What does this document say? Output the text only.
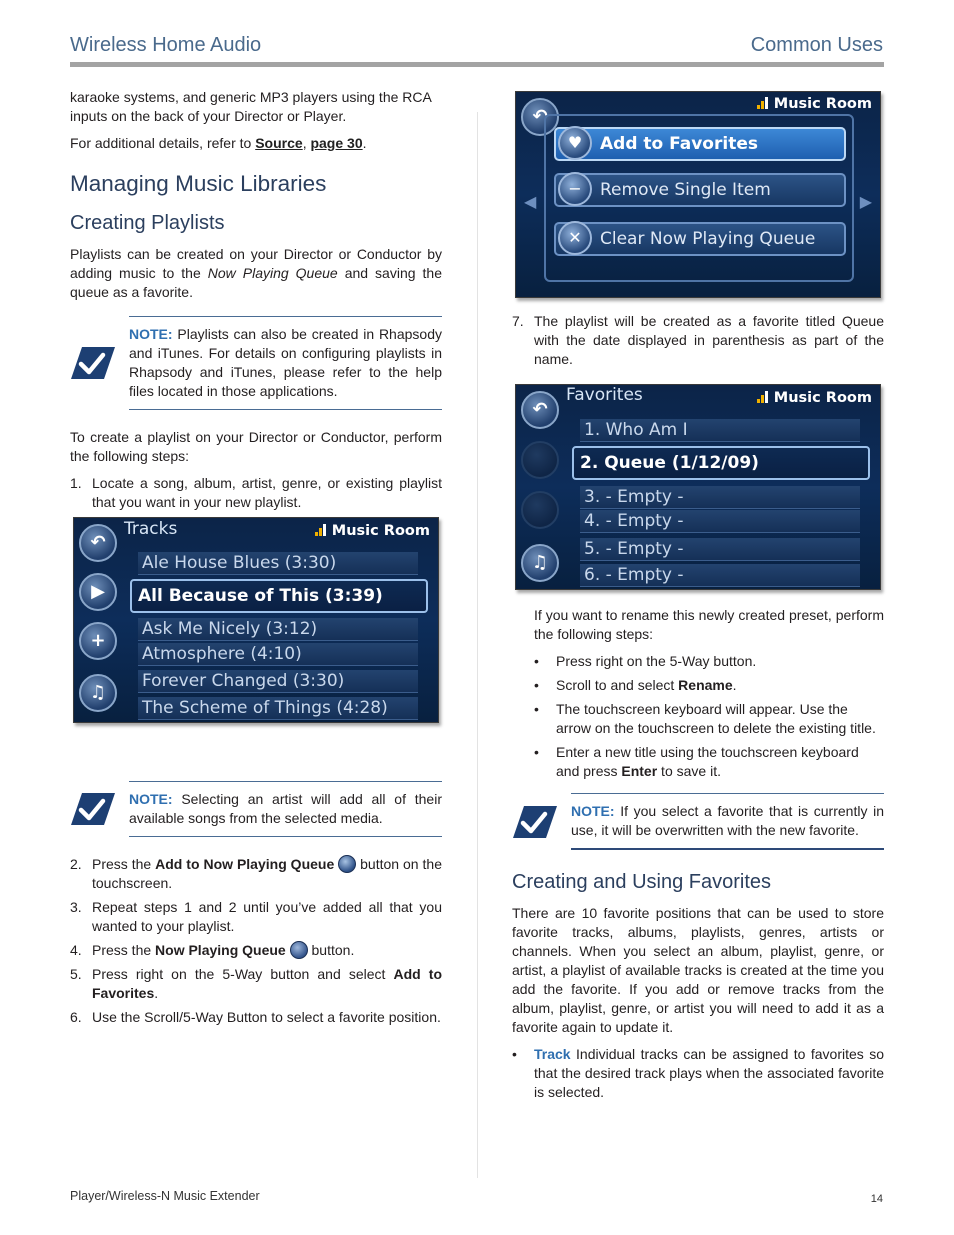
Wireless Home Audio	Common Uses

karaoke systems, and generic MP3 players using the RCA inputs on the back of your Director or Player.

For additional details, refer to Source, page 30.

Managing Music Libraries
Creating Playlists

Playlists can be created on your Director or Conductor by adding music to the Now Playing Queue and saving the queue as a favorite.

NOTE: Playlists can also be created in Rhapsody and iTunes. For details on configuring playlists in Rhapsody and iTunes, please refer to the help files located in those applications.

To create a playlist on your Director or Conductor, perform the following steps:

1. Locate a song, album, artist, genre, or existing playlist that you want in your new playlist.
NOTE: Selecting an artist will add all of their available songs from the selected media.
2. Press the Add to Now Playing Queue  button on the touchscreen.
3. Repeat steps 1 and 2 until you’ve added all that you wanted to your playlist.
4. Press the Now Playing Queue  button.
5. Press right on the 5-Way button and select Add to Favorites.
6. Use the Scroll/5-Way Button to select a favorite position.
Tracks	Music Room
↶
▶
+
♫
Ale House Blues (3:30)
All Because of This (3:39)
Ask Me Nicely (3:12)
Atmosphere (4:10)
Forever Changed (3:30)
The Scheme of Things (4:28)
Music Room
↶
◀	▶
♥	Add to Favorites
−	Remove Single Item
✕	Clear Now Playing Queue
7. The playlist will be created as a favorite titled Queue with the date displayed in parenthesis as part of the name.
Favorites	Music Room
↶
♫
1. Who Am I
2. Queue (1/12/09)
3. - Empty -
4. - Empty -
5. - Empty -
6. - Empty -

If you want to rename this newly created preset, perform the following steps:

• Press right on the 5-Way button.
• Scroll to and select Rename.
• The touchscreen keyboard will appear. Use the arrow on the touchscreen to delete the existing title.
• Enter a new title using the touchscreen keyboard and press Enter to save it.
NOTE: If you select a favorite that is currently in use, it will be overwritten with the new favorite.
Creating and Using Favorites

There are 10 favorite positions that can be used to store favorite tracks, albums, playlists, genres, artists or channels. When you select an album, playlist, genre, or artist, a playlist of available tracks is created at the time you add the favorite. If you add or remove tracks from the album, playlist, genre, or artist you will need to add it as a favorite again to update it.

• Track Individual tracks can be assigned to favorites so that the desired track plays when the associated favorite is selected.
Player/Wireless-N Music Extender	14
